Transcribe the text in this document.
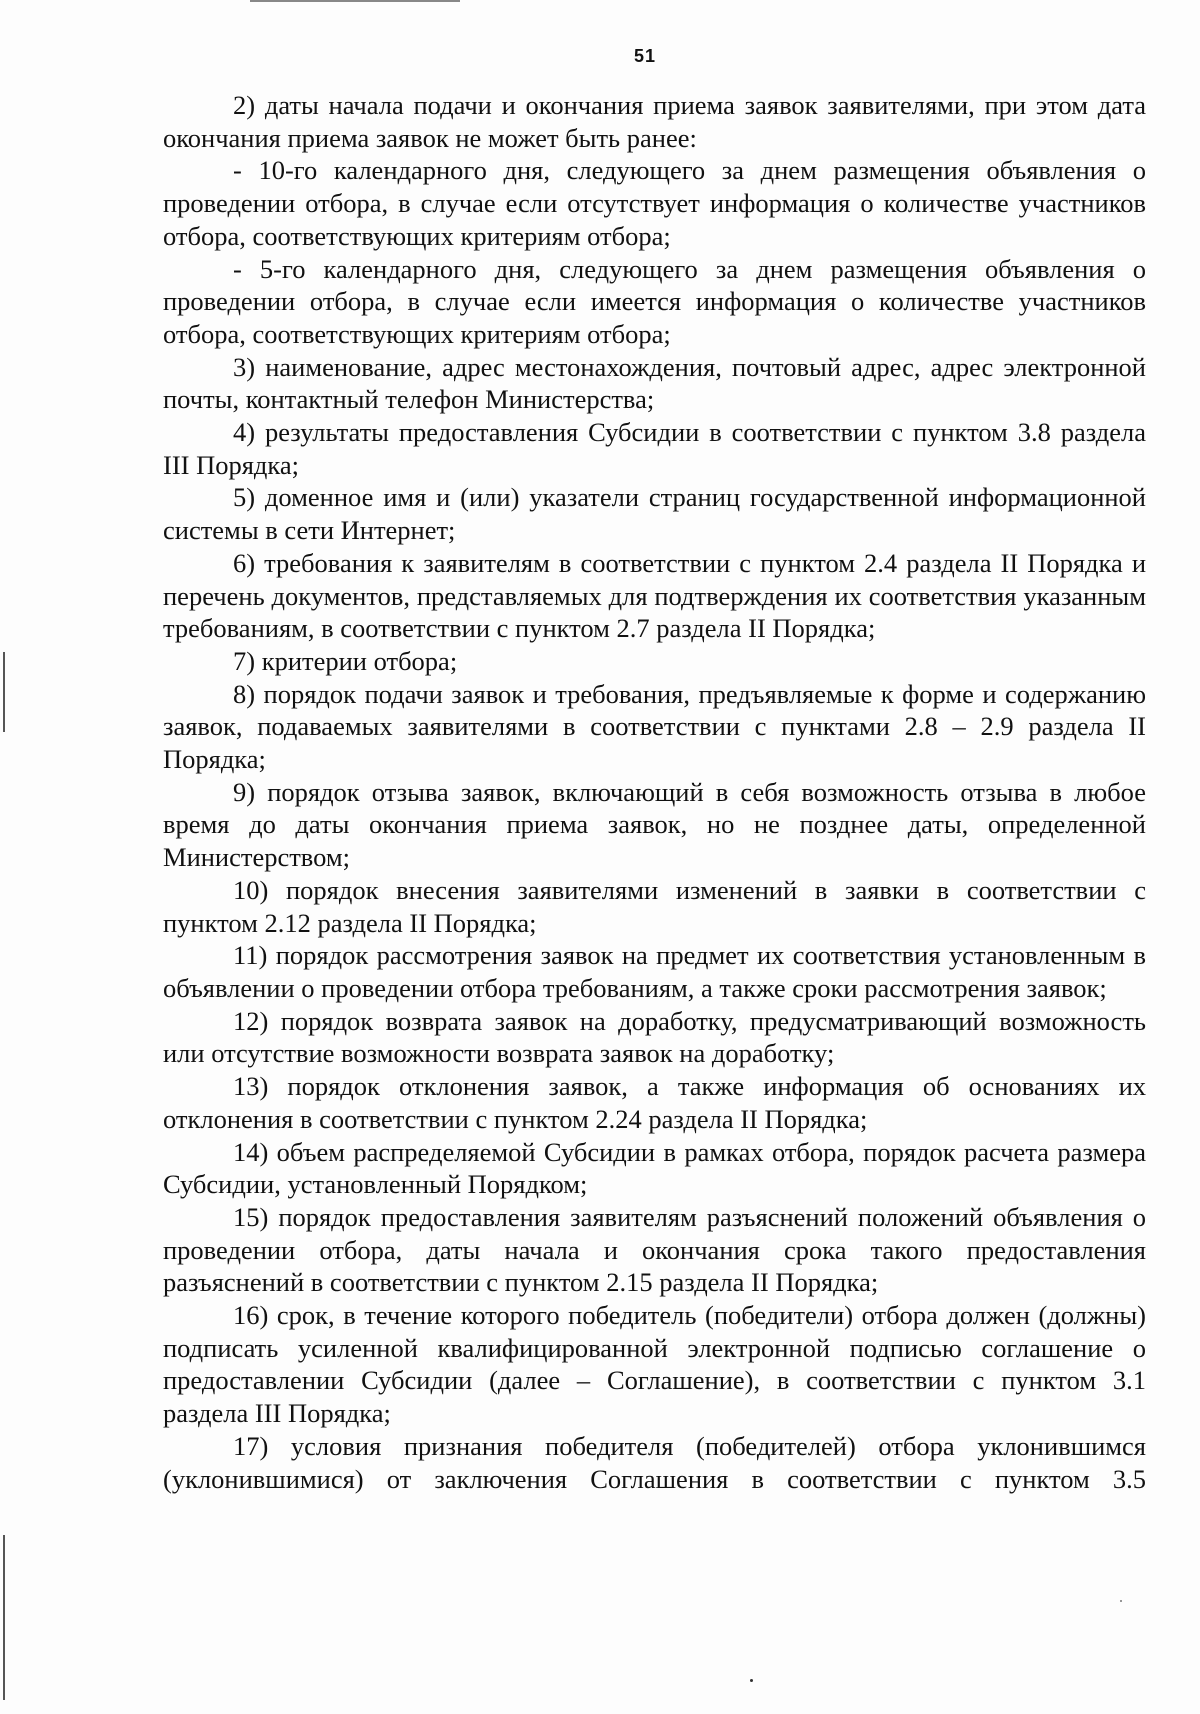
51

2) даты начала подачи и окончания приема заявок заявителями, при этом дата окончания приема заявок не может быть ранее:

- 10-го календарного дня, следующего за днем размещения объявления о проведении отбора, в случае если отсутствует информация о количестве участников отбора, соответствующих критериям отбора;

- 5-го календарного дня, следующего за днем размещения объявления о проведении отбора, в случае если имеется информация о количестве участников отбора, соответствующих критериям отбора;

3) наименование, адрес местонахождения, почтовый адрес, адрес электронной почты, контактный телефон Министерства;

4) результаты предоставления Субсидии в соответствии с пунктом 3.8 раздела III Порядка;

5) доменное имя и (или) указатели страниц государственной информационной системы в сети Интернет;

6) требования к заявителям в соответствии с пунктом 2.4 раздела II Порядка и перечень документов, представляемых для подтверждения их соответствия указанным требованиям, в соответствии с пунктом 2.7 раздела II Порядка;

7) критерии отбора;

8) порядок подачи заявок и требования, предъявляемые к форме и содержанию заявок, подаваемых заявителями в соответствии с пунктами 2.8 – 2.9 раздела II Порядка;

9) порядок отзыва заявок, включающий в себя возможность отзыва в любое время до даты окончания приема заявок, но не позднее даты, определенной Министерством;

10) порядок внесения заявителями изменений в заявки в соответствии с пунктом 2.12 раздела II Порядка;

11) порядок рассмотрения заявок на предмет их соответствия установленным в объявлении о проведении отбора требованиям, а также сроки рассмотрения заявок;

12) порядок возврата заявок на доработку, предусматривающий возможность или отсутствие возможности возврата заявок на доработку;

13) порядок отклонения заявок, а также информация об основаниях их отклонения в соответствии с пунктом 2.24 раздела II Порядка;

14) объем распределяемой Субсидии в рамках отбора, порядок расчета размера Субсидии, установленный Порядком;

15) порядок предоставления заявителям разъяснений положений объявления о проведении отбора, даты начала и окончания срока такого предоставления разъяснений в соответствии с пунктом 2.15 раздела II Порядка;

16) срок, в течение которого победитель (победители) отбора должен (должны) подписать усиленной квалифицированной электронной подписью соглашение о предоставлении Субсидии (далее – Соглашение), в соответствии с пунктом 3.1 раздела III Порядка;

17) условия признания победителя (победителей) отбора уклонившимся (уклонившимися) от заключения Соглашения в соответствии с пунктом 3.5
